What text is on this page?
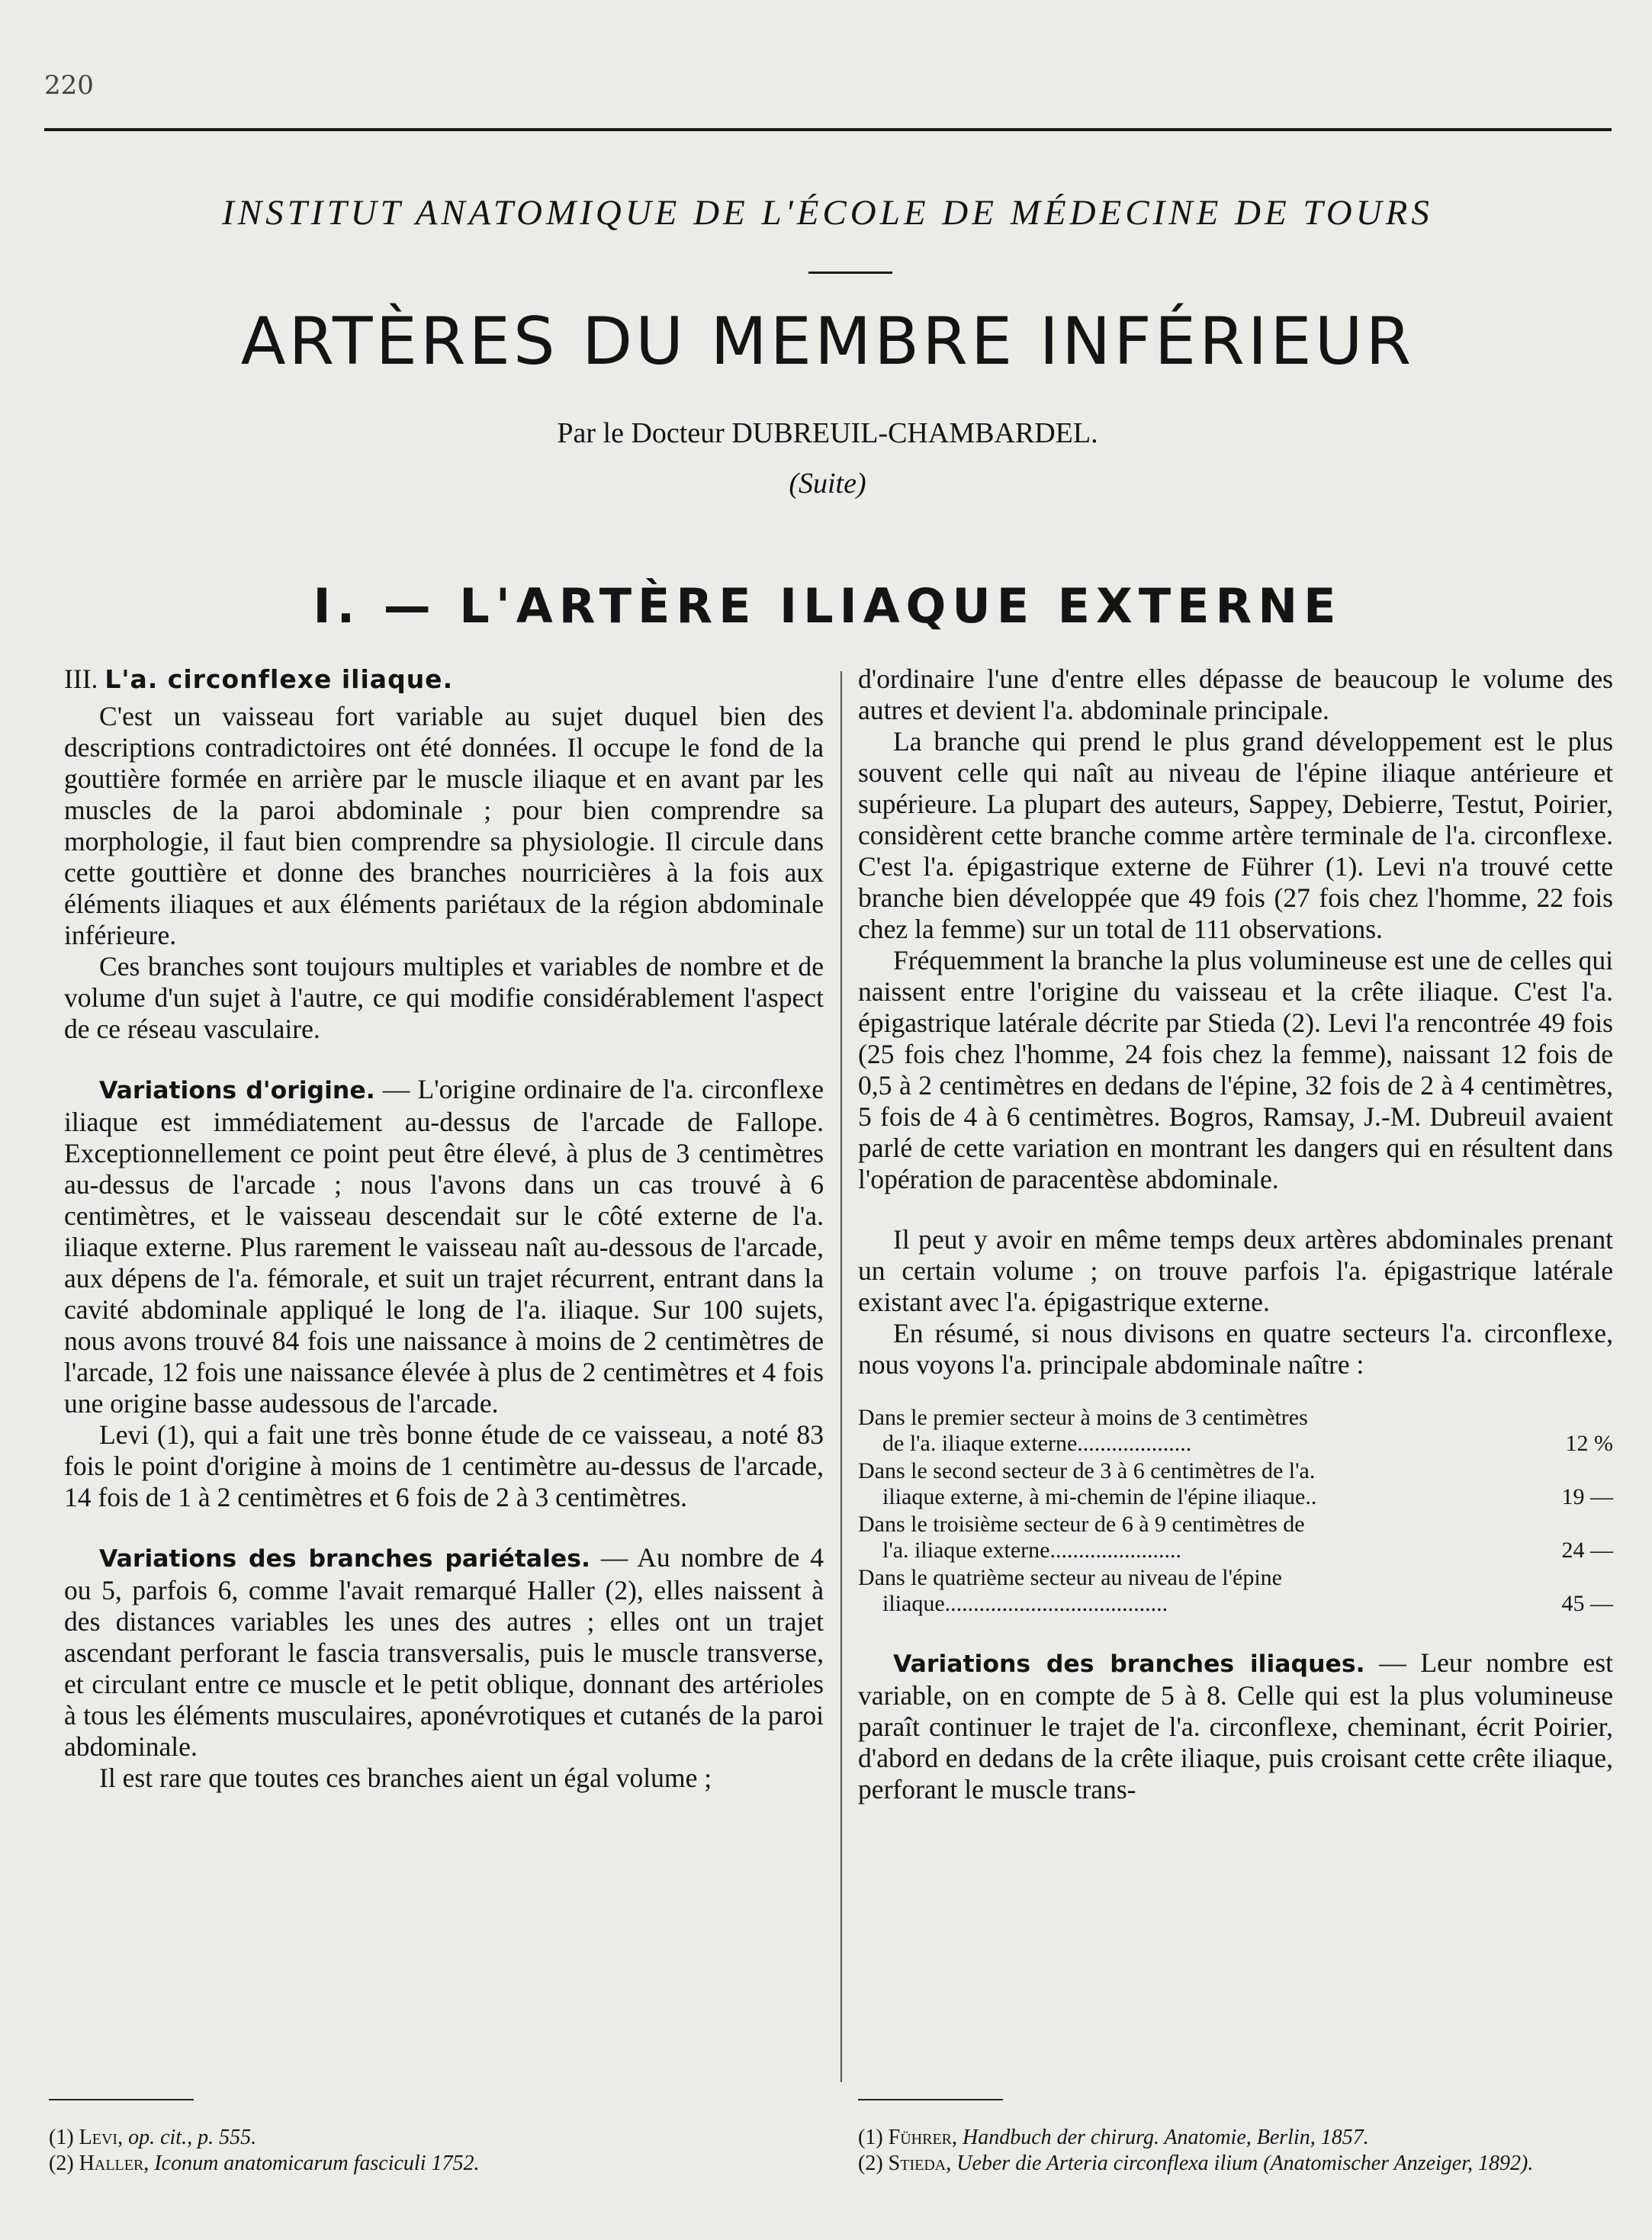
220
INSTITUT ANATOMIQUE DE L'ÉCOLE DE MÉDECINE DE TOURS
ARTÈRES DU MEMBRE INFÉRIEUR
Par le Docteur DUBREUIL-CHAMBARDEL.
(Suite)
I. — L'ARTÈRE ILIAQUE EXTERNE
III. L'a. circonflexe iliaque.

C'est un vaisseau fort variable au sujet duquel bien des descriptions contradictoires ont été données. Il occupe le fond de la gouttière formée en arrière par le muscle iliaque et en avant par les muscles de la paroi abdominale ; pour bien comprendre sa morphologie, il faut bien comprendre sa physiologie. Il circule dans cette gouttière et donne des branches nourricières à la fois aux éléments iliaques et aux éléments pariétaux de la région abdominale inférieure.

Ces branches sont toujours multiples et variables de nombre et de volume d'un sujet à l'autre, ce qui modifie considérablement l'aspect de ce réseau vasculaire.

Variations d'origine. — L'origine ordinaire de l'a. circonflexe iliaque est immédiatement au-dessus de l'arcade de Fallope. Exceptionnellement ce point peut être élevé, à plus de 3 centimètres au-dessus de l'arcade ; nous l'avons dans un cas trouvé à 6 centimètres, et le vaisseau descendait sur le côté externe de l'a. iliaque externe. Plus rarement le vaisseau naît au-dessous de l'arcade, aux dépens de l'a. fémorale, et suit un trajet récurrent, entrant dans la cavité abdominale appliqué le long de l'a. iliaque. Sur 100 sujets, nous avons trouvé 84 fois une naissance à moins de 2 centimètres de l'arcade, 12 fois une naissance élevée à plus de 2 centimètres et 4 fois une origine basse audessous de l'arcade.

Levi (1), qui a fait une très bonne étude de ce vaisseau, a noté 83 fois le point d'origine à moins de 1 centimètre au-dessus de l'arcade, 14 fois de 1 à 2 centimètres et 6 fois de 2 à 3 centimètres.

Variations des branches pariétales. — Au nombre de 4 ou 5, parfois 6, comme l'avait remarqué Haller (2), elles naissent à des distances variables les unes des autres ; elles ont un trajet ascendant perforant le fascia transversalis, puis le muscle transverse, et circulant entre ce muscle et le petit oblique, donnant des artérioles à tous les éléments musculaires, aponévrotiques et cutanés de la paroi abdominale.

Il est rare que toutes ces branches aient un égal volume ;

d'ordinaire l'une d'entre elles dépasse de beaucoup le volume des autres et devient l'a. abdominale principale.

La branche qui prend le plus grand développement est le plus souvent celle qui naît au niveau de l'épine iliaque antérieure et supérieure. La plupart des auteurs, Sappey, Debierre, Testut, Poirier, considèrent cette branche comme artère terminale de l'a. circonflexe. C'est l'a. épigastrique externe de Führer (1). Levi n'a trouvé cette branche bien développée que 49 fois (27 fois chez l'homme, 22 fois chez la femme) sur un total de 111 observations.

Fréquemment la branche la plus volumineuse est une de celles qui naissent entre l'origine du vaisseau et la crête iliaque. C'est l'a. épigastrique latérale décrite par Stieda (2). Levi l'a rencontrée 49 fois (25 fois chez l'homme, 24 fois chez la femme), naissant 12 fois de 0,5 à 2 centimètres en dedans de l'épine, 32 fois de 2 à 4 centimètres, 5 fois de 4 à 6 centimètres. Bogros, Ramsay, J.-M. Dubreuil avaient parlé de cette variation en montrant les dangers qui en résultent dans l'opération de paracentèse abdominale.

Il peut y avoir en même temps deux artères abdominales prenant un certain volume ; on trouve parfois l'a. épigastrique latérale existant avec l'a. épigastrique externe.

En résumé, si nous divisons en quatre secteurs l'a. circonflexe, nous voyons l'a. principale abdominale naître :

Dans le premier secteur à moins de 3 centimètres
de l'a. iliaque externe....................	12 %
Dans le second secteur de 3 à 6 centimètres de l'a.
iliaque externe, à mi-chemin de l'épine iliaque..	19 —
Dans le troisième secteur de 6 à 9 centimètres de
l'a. iliaque externe.......................	24 —
Dans le quatrième secteur au niveau de l'épine
iliaque.......................................	45 —

Variations des branches iliaques. — Leur nombre est variable, on en compte de 5 à 8. Celle qui est la plus volumineuse paraît continuer le trajet de l'a. circonflexe, cheminant, écrit Poirier, d'abord en dedans de la crête iliaque, puis croisant cette crête iliaque, perforant le muscle trans-

(1) Levi, op. cit., p. 555.
(2) Haller, Iconum anatomicarum fasciculi 1752.
(1) Führer, Handbuch der chirurg. Anatomie, Berlin, 1857.
(2) Stieda, Ueber die Arteria circonflexa ilium (Anatomischer Anzeiger, 1892).
